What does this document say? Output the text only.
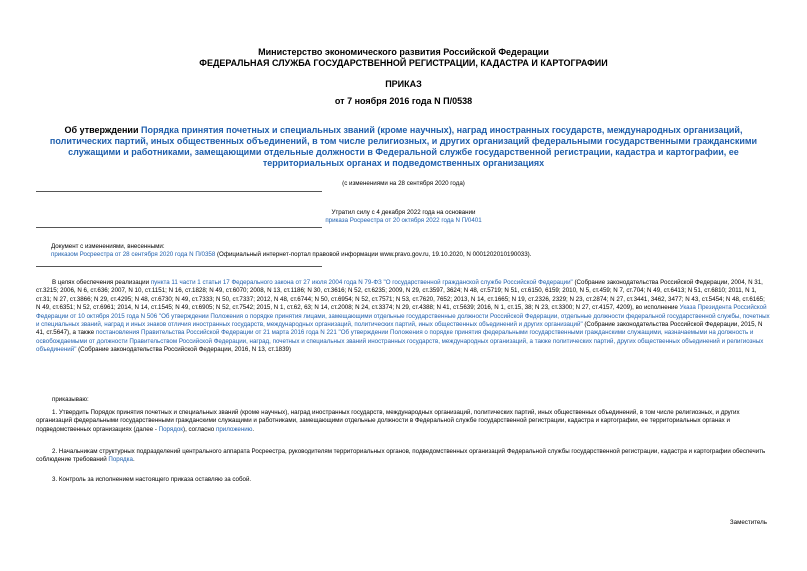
Министерство экономического развития Российской Федерации
ФЕДЕРАЛЬНАЯ СЛУЖБА ГОСУДАРСТВЕННОЙ РЕГИСТРАЦИИ, КАДАСТРА И КАРТОГРАФИИ
ПРИКАЗ
от 7 ноября 2016 года N П/0538
Об утверждении Порядка принятия почетных и специальных званий (кроме научных), наград иностранных государств, международных организаций, политических партий, иных общественных объединений, в том числе религиозных, и других организаций федеральными государственными гражданскими служащими и работниками, замещающими отдельные должности в Федеральной службе государственной регистрации, кадастра и картографии, ее территориальных органах и подведомственных организациях
(с изменениями на 28 сентября 2020 года)
Утратил силу с 4 декабря 2022 года на основании
приказа Росреестра от 20 октября 2022 года N П/0401
Документ с изменениями, внесенными:
приказом Росреестра от 28 сентября 2020 года N П/0358 (Официальный интернет-портал правовой информации www.pravo.gov.ru, 19.10.2020, N 0001202010190033).
В целях обеспечения реализации пункта 11 части 1 статьи 17 Федерального закона от 27 июля 2004 года N 79-ФЗ "О государственной гражданской службе Российской Федерации" (Собрание законодательства Российской Федерации, 2004, N 31, ст.3215; 2006, N 6, ст.636; 2007, N 10, ст.1151; N 16, ст.1828; N 49, ст.6070; 2008, N 13, ст.1186; N 30, ст.3616; N 52, ст.6235; 2009, N 29, ст.3597, 3624; N 48, ст.5719; N 51, ст.6150, 6159; 2010, N 5, ст.459; N 7, ст.704; N 49, ст.6413; N 51, ст.6810; 2011, N 1, ст.31; N 27, ст.3866; N 29, ст.4295; N 48, ст.6730; N 49, ст.7333; N 50, ст.7337; 2012, N 48, ст.6744; N 50, ст.6954; N 52, ст.7571; N 53, ст.7620, 7652; 2013, N 14, ст.1665; N 19, ст.2326, 2329; N 23, ст.2874; N 27, ст.3441, 3462, 3477; N 43, ст.5454; N 48, ст.6165; N 49, ст.6351; N 52, ст.6961; 2014, N 14, ст.1545; N 49, ст.6905; N 52, ст.7542; 2015, N 1, ст.62, 63; N 14, ст.2008; N 24, ст.3374; N 29, ст.4388; N 41, ст.5639; 2016, N 1, ст.15, 38; N 23, ст.3300; N 27, ст.4157, 4209), во исполнение Указа Президента Российской Федерации от 10 октября 2015 года N 506 "Об утверждении Положения о порядке принятия лицами, замещающими отдельные государственные должности Российской Федерации, отдельные должности федеральной государственной службы, почетных и специальных званий, наград и иных знаков отличия иностранных государств, международных организаций, политических партий, иных общественных объединений и других организаций" (Собрание законодательства Российской Федерации, 2015, N 41, ст.5647), а также постановления Правительства Российской Федерации от 21 марта 2016 года N 221 "Об утверждении Положения о порядке принятия федеральными государственными гражданскими служащими, назначаемыми на должность и освобождаемыми от должности Правительством Российской Федерации, наград, почетных и специальных званий иностранных государств, международных организаций, а также политических партий, других общественных объединений и религиозных объединений" (Собрание законодательства Российской Федерации, 2016, N 13, ст.1839)
приказываю:
1. Утвердить Порядок принятия почетных и специальных званий (кроме научных), наград иностранных государств, международных организаций, политических партий, иных общественных объединений, в том числе религиозных, и других организаций федеральными государственными гражданскими служащими и работниками, замещающими отдельные должности в Федеральной службе государственной регистрации, кадастра и картографии, ее территориальных органах и подведомственных организациях (далее - Порядок), согласно приложению.
2. Начальникам структурных подразделений центрального аппарата Росреестра, руководителям территориальных органов, подведомственных организаций Федеральной службы государственной регистрации, кадастра и картографии обеспечить соблюдение требований Порядка.
3. Контроль за исполнением настоящего приказа оставляю за собой.
Заместитель
